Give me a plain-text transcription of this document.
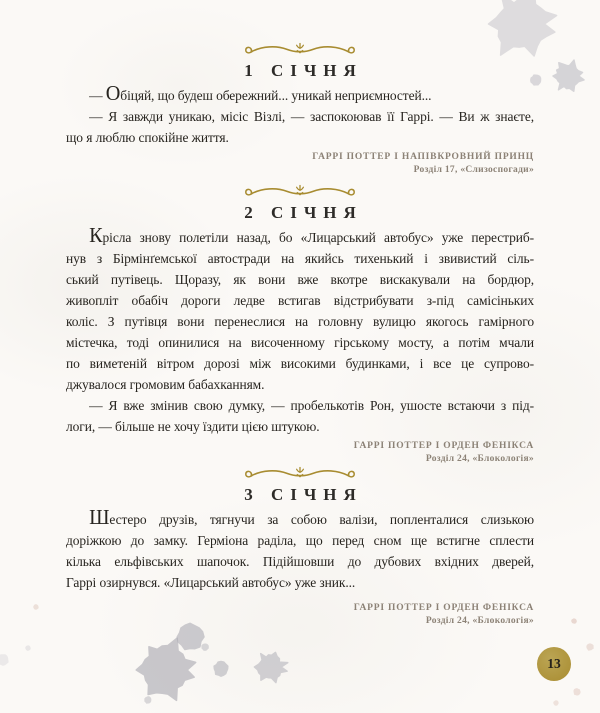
1 СІЧНЯ
— Обіцяй, що будеш обережний... уникай неприємностей...
— Я завжди уникаю, місіс Візлі, — заспокоював її Гаррі. — Ви ж знаєте,
що я люблю спокійне життя.
ГАРРІ ПОТТЕР І НАПІВКРОВНИЙ ПРИНЦ
Розділ 17, «Слизоспогади»
2 СІЧНЯ
Крісла знову полетіли назад, бо «Лицарський автобус» уже перестриб-
нув з Бірмінґемської автостради на якийсь тихенький і звивистий сіль-
ський путівець. Щоразу, як вони вже вкотре вискакували на бордюр,
живопліт обабіч дороги ледве встигав відстрибувати з-під самісіньких
коліс. З путівця вони перенеслися на головну вулицю якогось гамірного
містечка, тоді опинилися на височенному гірському мосту, а потім мчали
по виметеній вітром дорозі між високими будинками, і все це супрово-
джувалося громовим бабахканням.
— Я вже змінив свою думку, — пробелькотів Рон, ушосте встаючи з під-
логи, — більше не хочу їздити цією штукою.
ГАРРІ ПОТТЕР І ОРДЕН ФЕНІКСА
Розділ 24, «Блокологія»
3 СІЧНЯ
Шестеро друзів, тягнучи за собою валізи, попленталися слизькою
доріжкою до замку. Герміона раділа, що перед сном ще встигне сплести
кілька ельфівських шапочок. Підійшовши до дубових вхідних дверей,
Гаррі озирнувся. «Лицарський автобус» уже зник...
ГАРРІ ПОТТЕР І ОРДЕН ФЕНІКСА
Розділ 24, «Блокологія»
13
